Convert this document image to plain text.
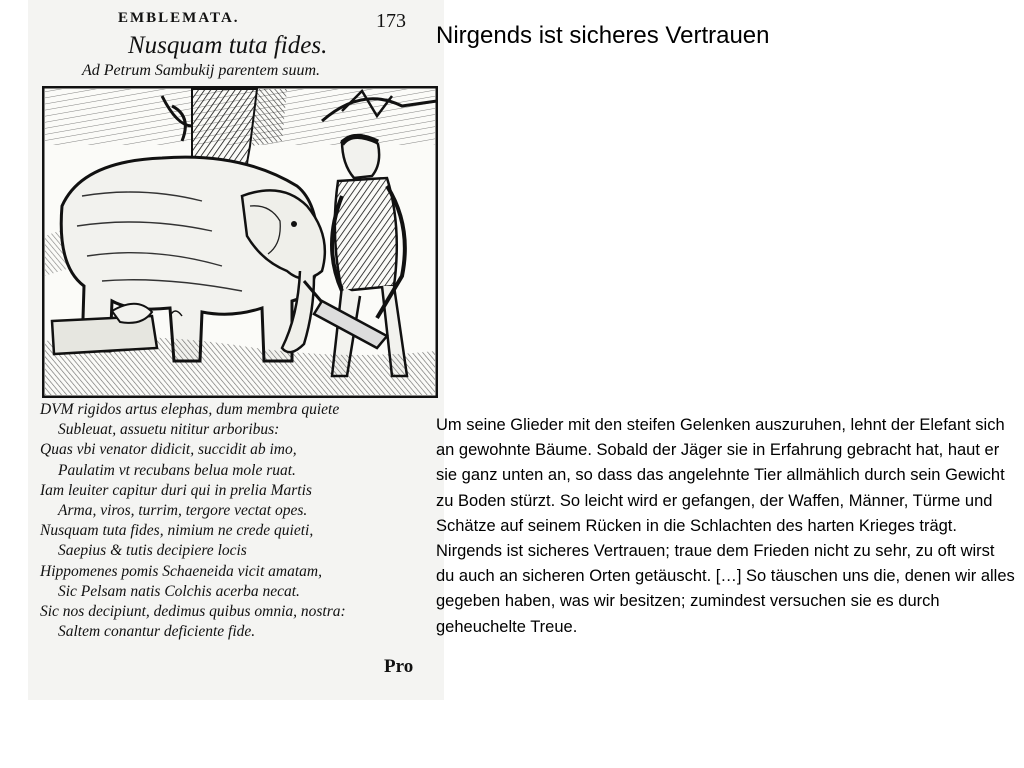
EMBLEMATA.	173
Nusquam tuta fides.
Ad Petrum Sambukij parentem suum.
DVM rigidos artus elephas, dum membra quiete
Subleuat, assuetu nititur arboribus:
Quas vbi venator didicit, succidit ab imo,
Paulatim vt recubans belua mole ruat.
Iam leuiter capitur duri qui in prelia Martis
Arma, viros, turrim, tergore vectat opes.
Nusquam tuta fides, nimium ne crede quieti,
Saepius & tutis decipiere locis
Hippomenes pomis Schaeneida vicit amatam,
Sic Pelsam natis Colchis acerba necat.
Sic nos decipiunt, dedimus quibus omnia, nostra:
Saltem conantur deficiente fide.
Pro
Nirgends ist sicheres Vertrauen
Um seine Glieder mit den steifen Gelenken auszuruhen, lehnt der Elefant sich an gewohnte Bäume. Sobald der Jäger sie in Erfahrung gebracht hat, haut er sie ganz unten an, so dass das angelehnte Tier allmählich durch sein Gewicht zu Boden stürzt. So leicht wird er gefangen, der Waffen, Männer, Türme und Schätze auf seinem Rücken in die Schlachten des harten Krieges trägt. Nirgends ist sicheres Vertrauen; traue dem Frieden nicht zu sehr, zu oft wirst du auch an sicheren Orten getäuscht. […] So täuschen uns die, denen wir alles gegeben haben, was wir besitzen; zumindest versuchen sie es durch geheuchelte Treue.
